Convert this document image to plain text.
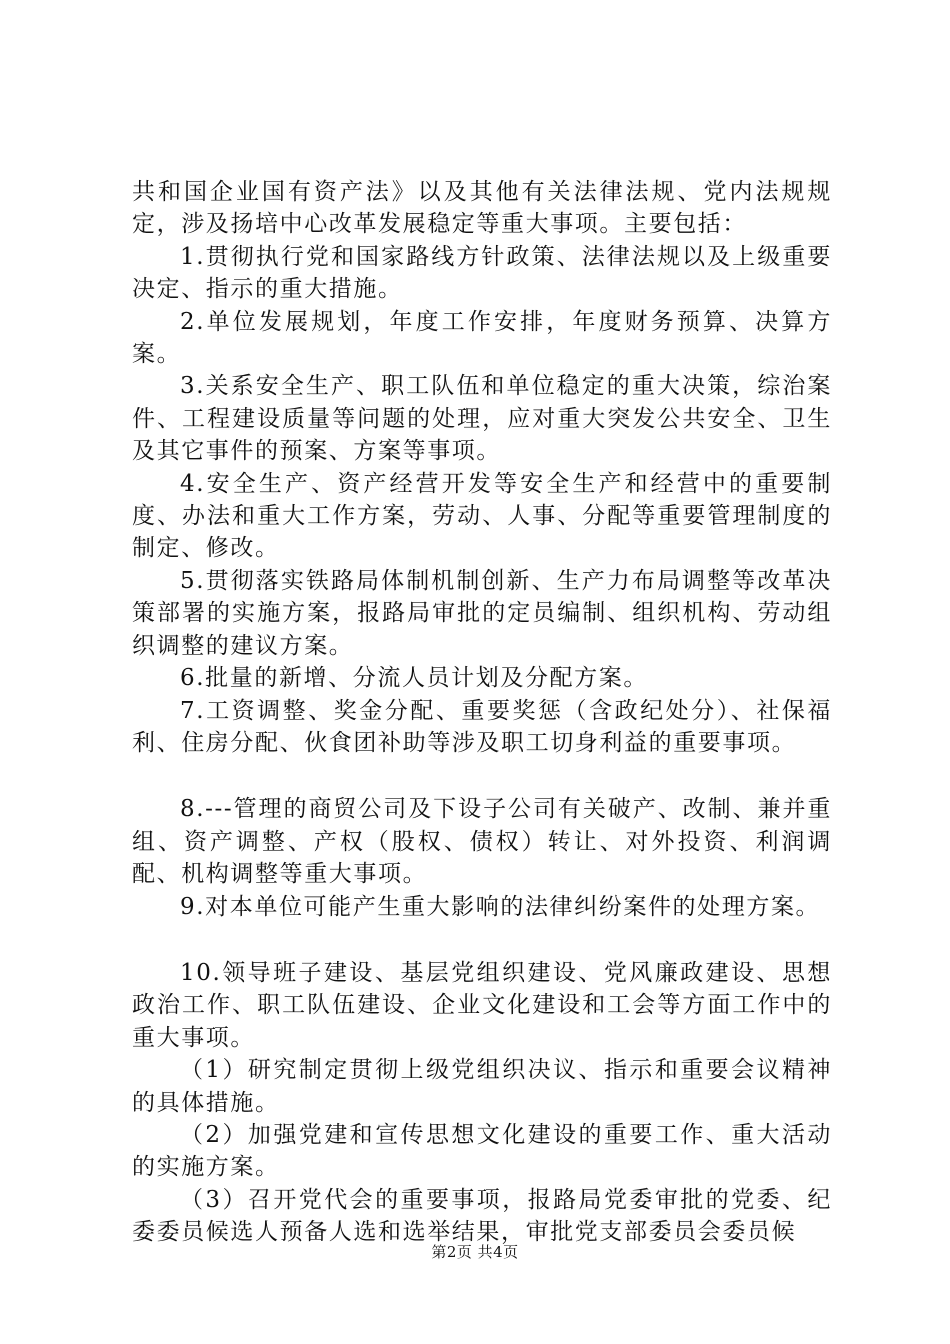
共和国企业国有资产法》以及其他有关法律法规、党内法规规定，涉及扬培中心改革发展稳定等重大事项。主要包括：

1.贯彻执行党和国家路线方针政策、法律法规以及上级重要决定、指示的重大措施。

2.单位发展规划，年度工作安排，年度财务预算、决算方案。

3.关系安全生产、职工队伍和单位稳定的重大决策，综治案件、工程建设质量等问题的处理，应对重大突发公共安全、卫生及其它事件的预案、方案等事项。

4.安全生产、资产经营开发等安全生产和经营中的重要制度、办法和重大工作方案，劳动、人事、分配等重要管理制度的制定、修改。

5.贯彻落实铁路局体制机制创新、生产力布局调整等改革决策部署的实施方案，报路局审批的定员编制、组织机构、劳动组织调整的建议方案。

6.批量的新增、分流人员计划及分配方案。

7.工资调整、奖金分配、重要奖惩（含政纪处分）、社保福利、住房分配、伙食团补助等涉及职工切身利益的重要事项。

8.---管理的商贸公司及下设子公司有关破产、改制、兼并重组、资产调整、产权（股权、债权）转让、对外投资、利润调配、机构调整等重大事项。

9.对本单位可能产生重大影响的法律纠纷案件的处理方案。

10.领导班子建设、基层党组织建设、党风廉政建设、思想政治工作、职工队伍建设、企业文化建设和工会等方面工作中的重大事项。

（1）研究制定贯彻上级党组织决议、指示和重要会议精神的具体措施。

（2）加强党建和宣传思想文化建设的重要工作、重大活动的实施方案。

（3）召开党代会的重要事项，报路局党委审批的党委、纪委委员候选人预备人选和选举结果，审批党支部委员会委员候

第2页 共4页
